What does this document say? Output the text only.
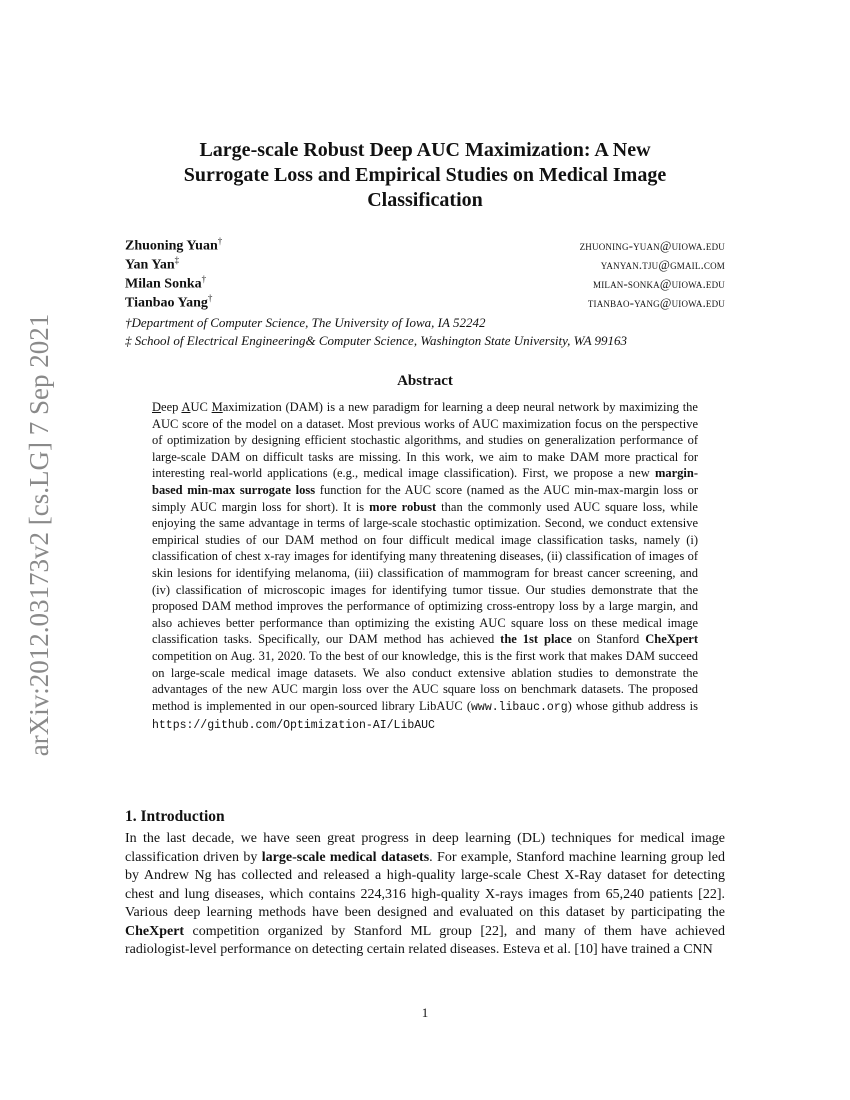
arXiv:2012.03173v2 [cs.LG] 7 Sep 2021
Large-scale Robust Deep AUC Maximization: A New
Surrogate Loss and Empirical Studies on Medical Image
Classification
Zhuoning Yuan†	zhuoning-yuan@uiowa.edu
Yan Yan‡	yanyan.tju@gmail.com
Milan Sonka†	milan-sonka@uiowa.edu
Tianbao Yang†	tianbao-yang@uiowa.edu
†Department of Computer Science, The University of Iowa, IA 52242
‡ School of Electrical Engineering& Computer Science, Washington State University, WA 99163
Abstract
Deep AUC Maximization (DAM) is a new paradigm for learning a deep neural network by maximizing the AUC score of the model on a dataset. Most previous works of AUC maximization focus on the perspective of optimization by designing efficient stochastic algorithms, and studies on generalization performance of large-scale DAM on difficult tasks are missing. In this work, we aim to make DAM more practical for interesting real-world applications (e.g., medical image classification). First, we propose a new margin-based min-max surrogate loss function for the AUC score (named as the AUC min-max-margin loss or simply AUC margin loss for short). It is more robust than the commonly used AUC square loss, while enjoying the same advantage in terms of large-scale stochastic optimization. Second, we conduct extensive empirical studies of our DAM method on four difficult medical image classification tasks, namely (i) classification of chest x-ray images for identifying many threatening diseases, (ii) classification of images of skin lesions for identifying melanoma, (iii) classification of mammogram for breast cancer screening, and (iv) classification of microscopic images for identifying tumor tissue. Our studies demonstrate that the proposed DAM method improves the performance of optimizing cross-entropy loss by a large margin, and also achieves better performance than optimizing the existing AUC square loss on these medical image classification tasks. Specifically, our DAM method has achieved the 1st place on Stanford CheXpert competition on Aug. 31, 2020. To the best of our knowledge, this is the first work that makes DAM succeed on large-scale medical image datasets. We also conduct extensive ablation studies to demonstrate the advantages of the new AUC margin loss over the AUC square loss on benchmark datasets. The proposed method is implemented in our open-sourced library LibAUC (www.libauc.org) whose github address is https://github.com/Optimization-AI/LibAUC
1. Introduction
In the last decade, we have seen great progress in deep learning (DL) techniques for medical image classification driven by large-scale medical datasets. For example, Stanford machine learning group led by Andrew Ng has collected and released a high-quality large-scale Chest X-Ray dataset for detecting chest and lung diseases, which contains 224,316 high-quality X-rays images from 65,240 patients [22]. Various deep learning methods have been designed and evaluated on this dataset by participating the CheXpert competition organized by Stanford ML group [22], and many of them have achieved radiologist-level performance on detecting certain related diseases. Esteva et al. [10] have trained a CNN
1
